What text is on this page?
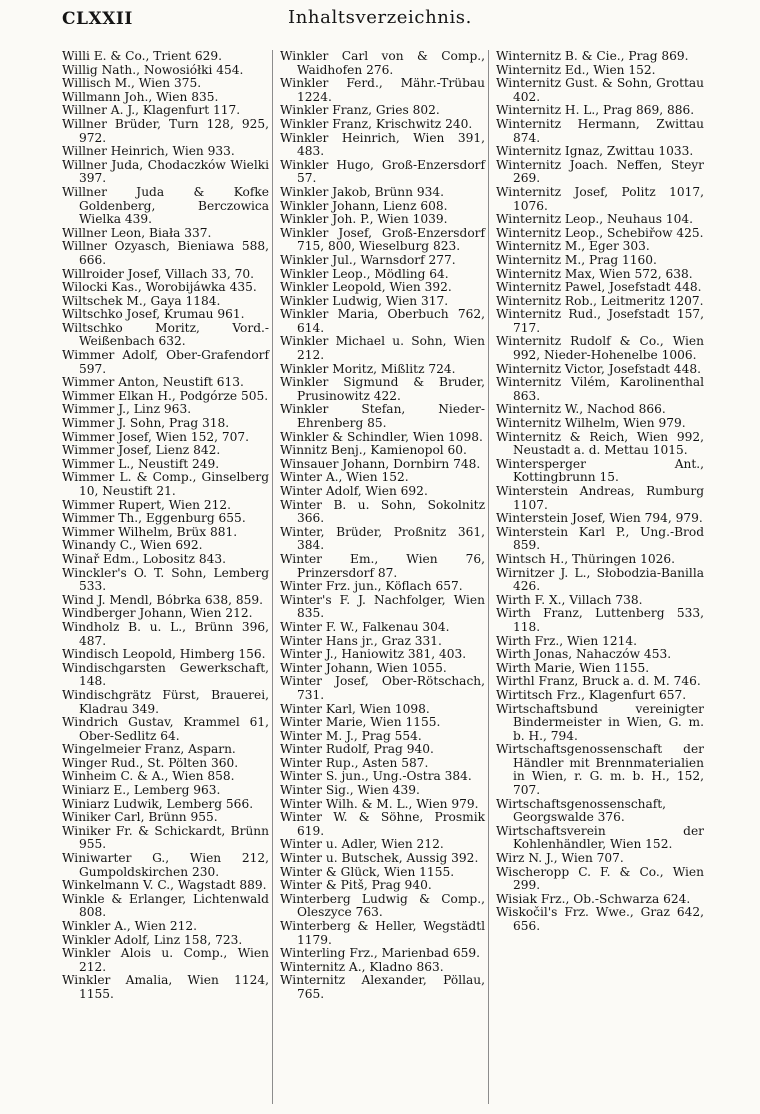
CLXXII	Inhaltsverzeichnis.

Willi E. & Co., Trient 629.

Willig Nath., Nowosiółki 454.

Willisch M., Wien 375.

Willmann Joh., Wien 835.

Willner A. J., Klagenfurt 117.

Willner Brüder, Turn 128, 925, 972.

Willner Heinrich, Wien 933.

Willner Juda, Chodaczków Wielki 397.

Willner Juda & Kofke Goldenberg, Berczowica Wielka 439.

Willner Leon, Biała 337.

Willner Ozyasch, Bieniawa 588, 666.

Willroider Josef, Villach 33, 70.

Wilocki Kas., Worobijáwka 435.

Wiltschek M., Gaya 1184.

Wiltschko Josef, Krumau 961.

Wiltschko Moritz, Vord.-Weißenbach 632.

Wimmer Adolf, Ober-Grafendorf 597.

Wimmer Anton, Neustift 613.

Wimmer Elkan H., Podgórze 505.

Wimmer J., Linz 963.

Wimmer J. Sohn, Prag 318.

Wimmer Josef, Wien 152, 707.

Wimmer Josef, Lienz 842.

Wimmer L., Neustift 249.

Wimmer L. & Comp., Ginselberg 10, Neustift 21.

Wimmer Rupert, Wien 212.

Wimmer Th., Eggenburg 655.

Wimmer Wilhelm, Brüx 881.

Winandy C., Wien 692.

Winař Edm., Lobositz 843.

Winckler's O. T. Sohn, Lemberg 533.

Wind J. Mendl, Bóbrka 638, 859.

Windberger Johann, Wien 212.

Windholz B. u. L., Brünn 396, 487.

Windisch Leopold, Himberg 156.

Windischgarsten Gewerkschaft, 148.

Windischgrätz Fürst, Brauerei, Kladrau 349.

Windrich Gustav, Krammel 61, Ober-Sedlitz 64.

Wingelmeier Franz, Asparn.

Winger Rud., St. Pölten 360.

Winheim C. & A., Wien 858.

Winiarz E., Lemberg 963.

Winiarz Ludwik, Lemberg 566.

Winiker Carl, Brünn 955.

Winiker Fr. & Schickardt, Brünn 955.

Winiwarter G., Wien 212, Gumpoldskirchen 230.

Winkelmann V. C., Wagstadt 889.

Winkle & Erlanger, Lichtenwald 808.

Winkler A., Wien 212.

Winkler Adolf, Linz 158, 723.

Winkler Alois u. Comp., Wien 212.

Winkler Amalia, Wien 1124, 1155.

Winkler Carl von & Comp., Waidhofen 276.

Winkler Ferd., Mähr.-Trübau 1224.

Winkler Franz, Gries 802.

Winkler Franz, Krischwitz 240.

Winkler Heinrich, Wien 391, 483.

Winkler Hugo, Groß-Enzersdorf 57.

Winkler Jakob, Brünn 934.

Winkler Johann, Lienz 608.

Winkler Joh. P., Wien 1039.

Winkler Josef, Groß-Enzersdorf 715, 800, Wieselburg 823.

Winkler Jul., Warnsdorf 277.

Winkler Leop., Mödling 64.

Winkler Leopold, Wien 392.

Winkler Ludwig, Wien 317.

Winkler Maria, Oberbuch 762, 614.

Winkler Michael u. Sohn, Wien 212.

Winkler Moritz, Mißlitz 724.

Winkler Sigmund & Bruder, Prusinowitz 422.

Winkler Stefan, Nieder-Ehrenberg 85.

Winkler & Schindler, Wien 1098.

Winnitz Benj., Kamienopol 60.

Winsauer Johann, Dornbirn 748.

Winter A., Wien 152.

Winter Adolf, Wien 692.

Winter B. u. Sohn, Sokolnitz 366.

Winter, Brüder, Proßnitz 361, 384.

Winter Em., Wien 76, Prinzersdorf 87.

Winter Frz. jun., Köflach 657.

Winter's F. J. Nachfolger, Wien 835.

Winter F. W., Falkenau 304.

Winter Hans jr., Graz 331.

Winter J., Haniowitz 381, 403.

Winter Johann, Wien 1055.

Winter Josef, Ober-Rötschach, 731.

Winter Karl, Wien 1098.

Winter Marie, Wien 1155.

Winter M. J., Prag 554.

Winter Rudolf, Prag 940.

Winter Rup., Asten 587.

Winter S. jun., Ung.-Ostra 384.

Winter Sig., Wien 439.

Winter Wilh. & M. L., Wien 979.

Winter W. & Söhne, Prosmik 619.

Winter u. Adler, Wien 212.

Winter u. Butschek, Aussig 392.

Winter & Glück, Wien 1155.

Winter & Pitš, Prag 940.

Winterberg Ludwig & Comp., Oleszyce 763.

Winterberg & Heller, Wegstädtl 1179.

Winterling Frz., Marienbad 659.

Winternitz A., Kladno 863.

Winternitz Alexander, Pöllau, 765.

Winternitz B. & Cie., Prag 869.

Winternitz Ed., Wien 152.

Winternitz Gust. & Sohn, Grottau 402.

Winternitz H. L., Prag 869, 886.

Winternitz Hermann, Zwittau 874.

Winternitz Ignaz, Zwittau 1033.

Winternitz Joach. Neffen, Steyr 269.

Winternitz Josef, Politz 1017, 1076.

Winternitz Leop., Neuhaus 104.

Winternitz Leop., Schebiřow 425.

Winternitz M., Eger 303.

Winternitz M., Prag 1160.

Winternitz Max, Wien 572, 638.

Winternitz Pawel, Josefstadt 448.

Winternitz Rob., Leitmeritz 1207.

Winternitz Rud., Josefstadt 157, 717.

Winternitz Rudolf & Co., Wien 992, Nieder-Hohenelbe 1006.

Winternitz Victor, Josefstadt 448.

Winternitz Vilém, Karolinenthal 863.

Winternitz W., Nachod 866.

Winternitz Wilhelm, Wien 979.

Winternitz & Reich, Wien 992, Neustadt a. d. Mettau 1015.

Wintersperger Ant., Kottingbrunn 15.

Winterstein Andreas, Rumburg 1107.

Winterstein Josef, Wien 794, 979.

Winterstein Karl P., Ung.-Brod 859.

Wintsch H., Thüringen 1026.

Wirnitzer J. L., Słobodzia-Banilla 426.

Wirth F. X., Villach 738.

Wirth Franz, Luttenberg 533, 118.

Wirth Frz., Wien 1214.

Wirth Jonas, Nahaczów 453.

Wirth Marie, Wien 1155.

Wirthl Franz, Bruck a. d. M. 746.

Wirtitsch Frz., Klagenfurt 657.

Wirtschaftsbund vereinigter Bindermeister in Wien, G. m. b. H., 794.

Wirtschaftsgenossenschaft der Händler mit Brennmaterialien in Wien, r. G. m. b. H., 152, 707.

Wirtschaftsgenossenschaft, Georgswalde 376.

Wirtschaftsverein der Kohlenhändler, Wien 152.

Wirz N. J., Wien 707.

Wischeropp C. F. & Co., Wien 299.

Wisiak Frz., Ob.-Schwarza 624.

Wiskočil's Frz. Wwe., Graz 642, 656.
